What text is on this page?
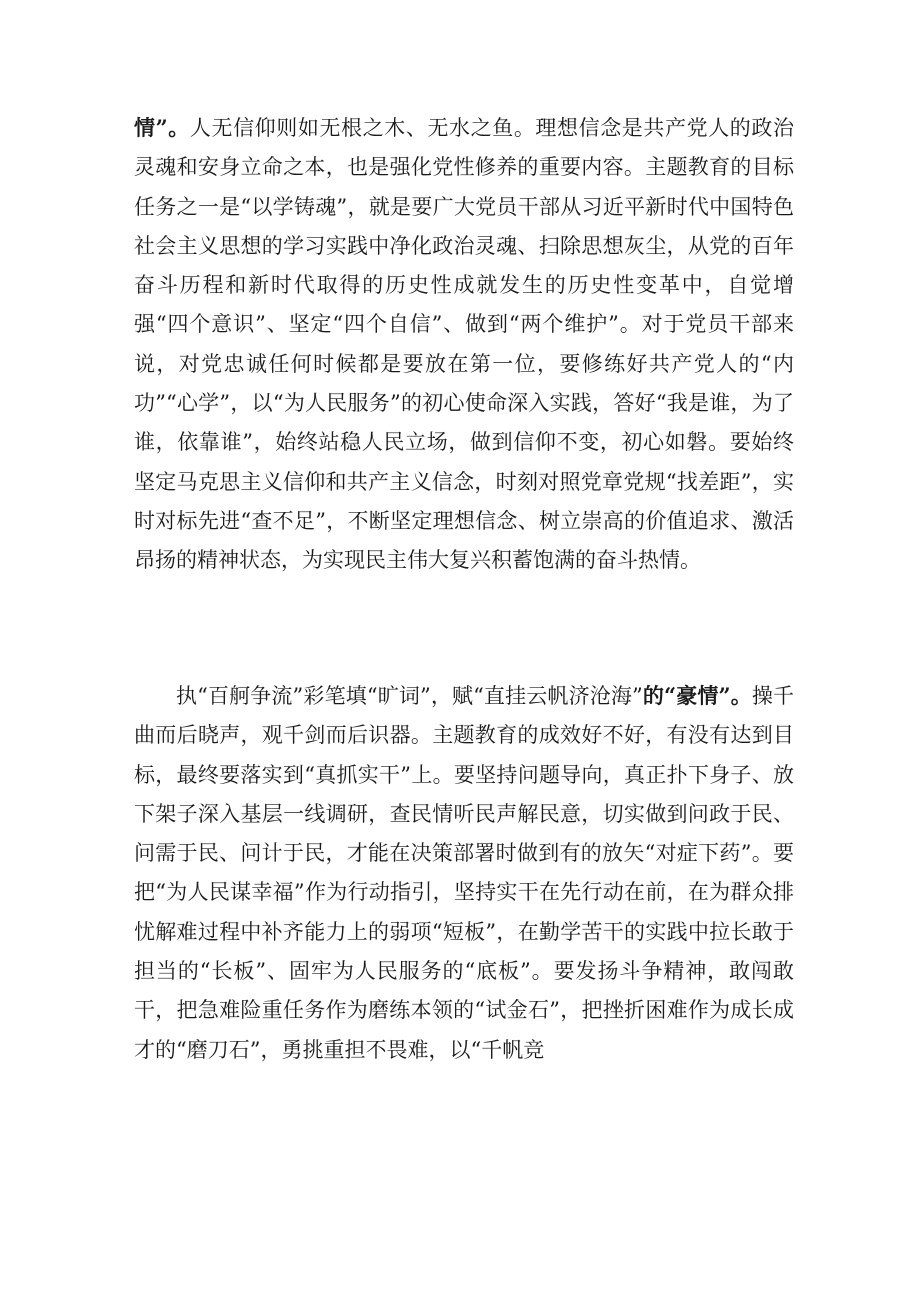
情”。人无信仰则如无根之木、无水之鱼。理想信念是共产党人的政治灵魂和安身立命之本，也是强化党性修养的重要内容。主题教育的目标任务之一是“以学铸魂”，就是要广大党员干部从习近平新时代中国特色社会主义思想的学习实践中净化政治灵魂、扫除思想灰尘，从党的百年奋斗历程和新时代取得的历史性成就发生的历史性变革中，自觉增强“四个意识”、坚定“四个自信”、做到“两个维护”。对于党员干部来说，对党忠诚任何时候都是要放在第一位，要修练好共产党人的“内功”“心学”，以“为人民服务”的初心使命深入实践，答好“我是谁，为了谁，依靠谁”，始终站稳人民立场，做到信仰不变，初心如磐。要始终坚定马克思主义信仰和共产主义信念，时刻对照党章党规“找差距”，实时对标先进“查不足”，不断坚定理想信念、树立崇高的价值追求、激活昂扬的精神状态，为实现民主伟大复兴积蓄饱满的奋斗热情。

执“百舸争流”彩笔填“旷词”，赋“直挂云帆济沧海”的“豪情”。操千曲而后晓声，观千剑而后识器。主题教育的成效好不好，有没有达到目标，最终要落实到“真抓实干”上。要坚持问题导向，真正扑下身子、放下架子深入基层一线调研，查民情听民声解民意，切实做到问政于民、问需于民、问计于民，才能在决策部署时做到有的放矢“对症下药”。要把“为人民谋幸福”作为行动指引，坚持实干在先行动在前，在为群众排忧解难过程中补齐能力上的弱项“短板”，在勤学苦干的实践中拉长敢于担当的“长板”、固牢为人民服务的“底板”。要发扬斗争精神，敢闯敢干，把急难险重任务作为磨练本领的“试金石”，把挫折困难作为成长成才的“磨刀石”，勇挑重担不畏难，以“千帆竞
